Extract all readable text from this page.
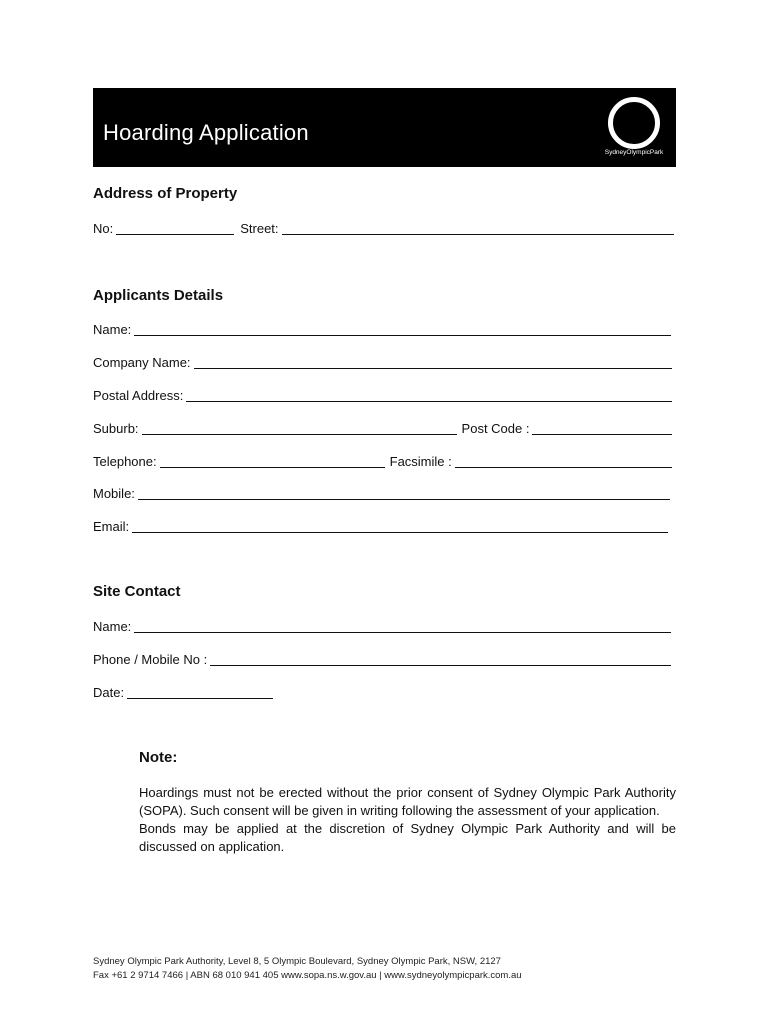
Hoarding Application
SydneyOlympicPark
Address of Property
No:	Street:
Applicants Details
Name:
Company Name:
Postal Address:
Suburb:	Post Code :
Telephone:	Facsimile :
Mobile:
Email:
Site Contact
Name:
Phone / Mobile No :
Date:
Note:

Hoardings must not be erected without the prior consent of Sydney Olympic Park Authority (SOPA). Such consent will be given in writing following the assessment of your application.

Bonds may be applied at the discretion of Sydney Olympic Park Authority and will be discussed on application.

Sydney Olympic Park Authority, Level 8, 5 Olympic Boulevard, Sydney Olympic Park, NSW, 2127
Fax +61 2 9714 7466 | ABN 68 010 941 405 www.sopa.ns.w.gov.au | www.sydneyolympicpark.com.au
